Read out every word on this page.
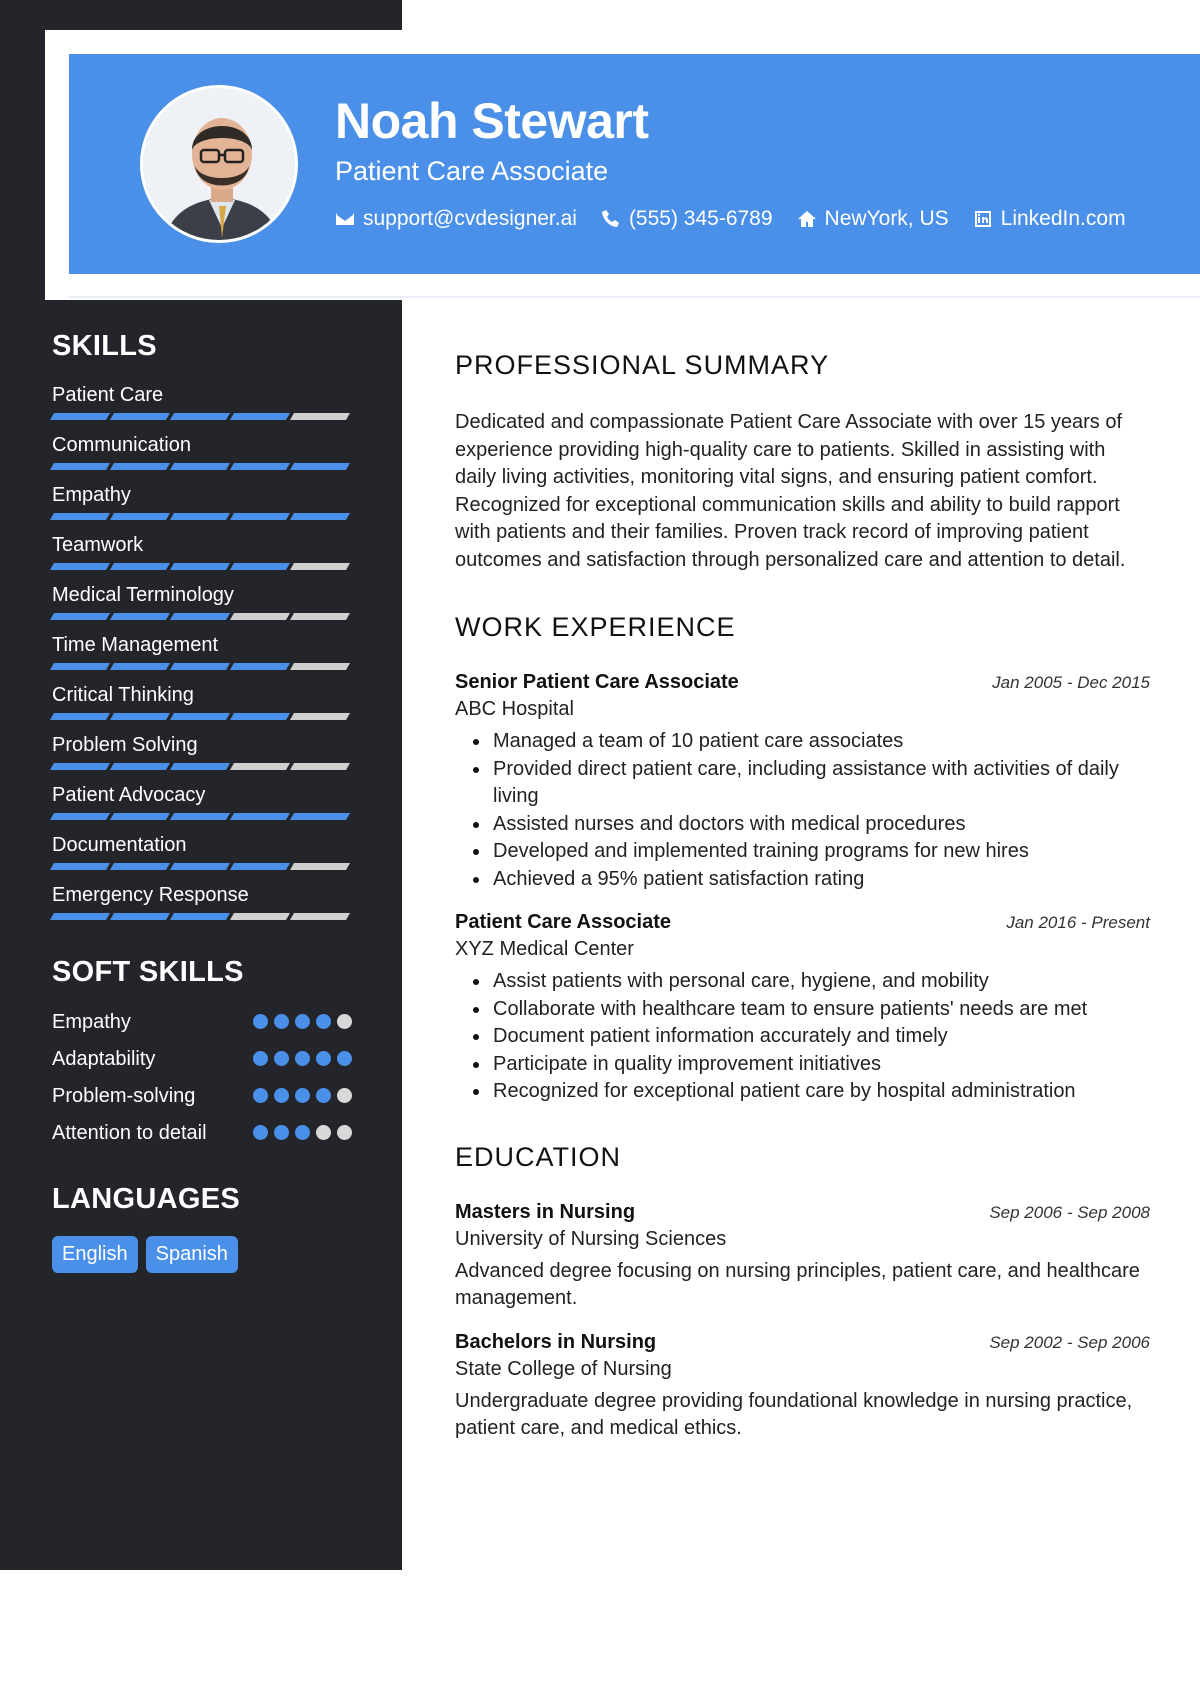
Noah Stewart
Patient Care Associate
support@cvdesigner.ai (555) 345-6789 NewYork, US LinkedIn.com
SKILLS
Patient Care
Communication
Empathy
Teamwork
Medical Terminology
Time Management
Critical Thinking
Problem Solving
Patient Advocacy
Documentation
Emergency Response
SOFT SKILLS
Empathy
Adaptability
Problem-solving
Attention to detail
LANGUAGES
English	Spanish
PROFESSIONAL SUMMARY

Dedicated and compassionate Patient Care Associate with over 15 years of experience providing high-quality care to patients. Skilled in assisting with daily living activities, monitoring vital signs, and ensuring patient comfort. Recognized for exceptional communication skills and ability to build rapport with patients and their families. Proven track record of improving patient outcomes and satisfaction through personalized care and attention to detail.

WORK EXPERIENCE
Senior Patient Care Associate	Jan 2005 - Dec 2015
ABC Hospital
Managed a team of 10 patient care associates
Provided direct patient care, including assistance with activities of daily living
Assisted nurses and doctors with medical procedures
Developed and implemented training programs for new hires
Achieved a 95% patient satisfaction rating
Patient Care Associate	Jan 2016 - Present
XYZ Medical Center
Assist patients with personal care, hygiene, and mobility
Collaborate with healthcare team to ensure patients' needs are met
Document patient information accurately and timely
Participate in quality improvement initiatives
Recognized for exceptional patient care by hospital administration
EDUCATION
Masters in Nursing	Sep 2006 - Sep 2008
University of Nursing Sciences
Advanced degree focusing on nursing principles, patient care, and healthcare management.
Bachelors in Nursing	Sep 2002 - Sep 2006
State College of Nursing
Undergraduate degree providing foundational knowledge in nursing practice, patient care, and medical ethics.
